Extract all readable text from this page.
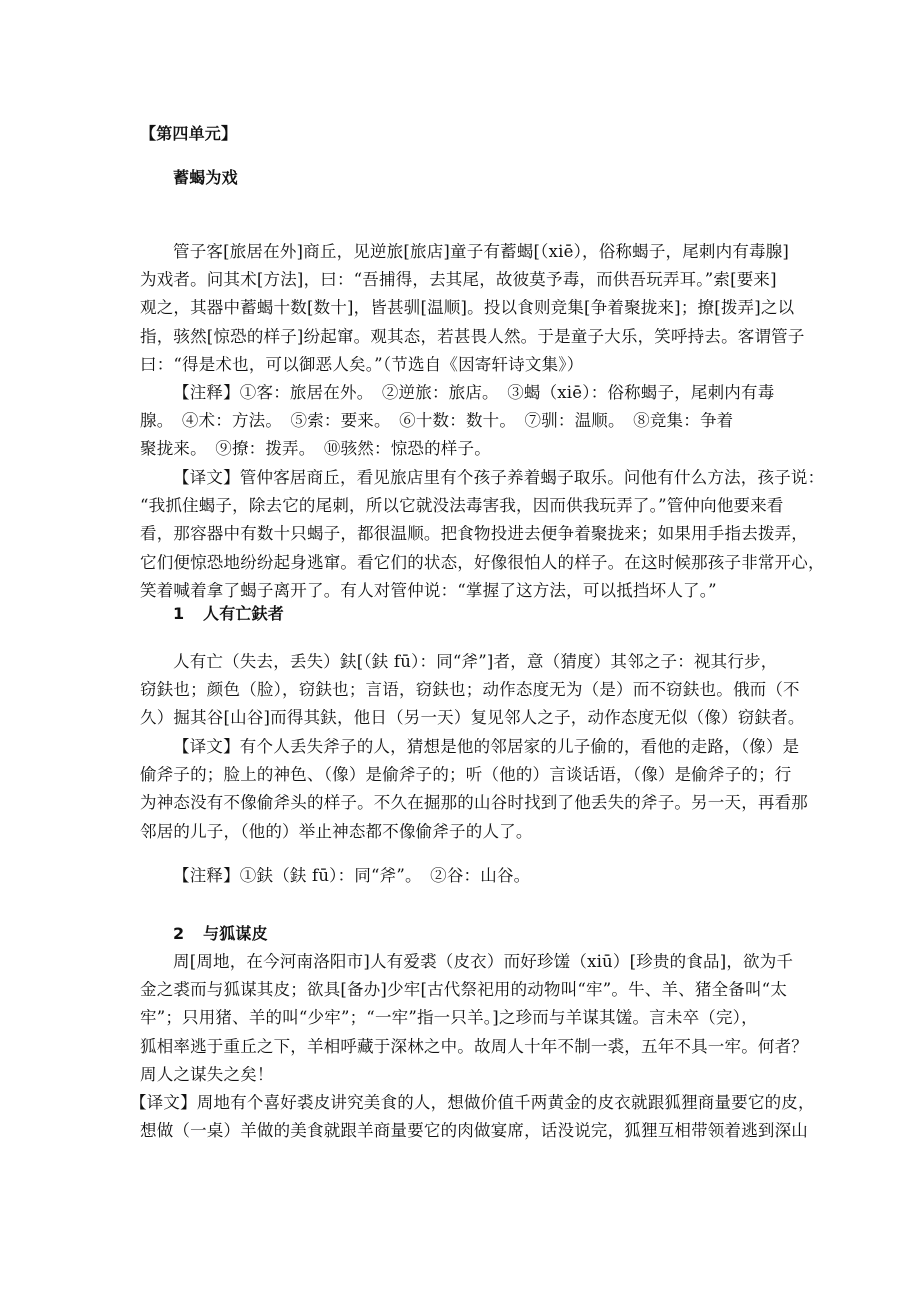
【第四单元】
蓄蝎为戏
管子客[旅居在外]商丘，见逆旅[旅店]童子有蓄蝎[（xiē），俗称蝎子，尾刺内有毒腺]
为戏者。问其术[方法]，曰：“吾捕得，去其尾，故彼莫予毒，而供吾玩弄耳。”索[要来]
观之，其器中蓄蝎十数[数十]，皆甚驯[温顺]。投以食则竞集[争着聚拢来]；撩[拨弄]之以
指，骇然[惊恐的样子]纷起窜。观其态，若甚畏人然。于是童子大乐，笑呼持去。客谓管子
曰：“得是术也，可以御恶人矣。”（节选自《因寄轩诗文集》）
【注释】①客：旅居在外。　②逆旅：旅店。　③蝎（xiē）：俗称蝎子，尾刺内有毒
腺。　④术：方法。　⑤索：要来。　⑥十数：数十。　⑦驯：温顺。　⑧竞集：争着
聚拢来。　⑨撩：拨弄。　⑩骇然：惊恐的样子。
【译文】管仲客居商丘，看见旅店里有个孩子养着蝎子取乐。问他有什么方法，孩子说：
“我抓住蝎子，除去它的尾刺，所以它就没法毒害我，因而供我玩弄了。”管仲向他要来看
看，那容器中有数十只蝎子，都很温顺。把食物投进去便争着聚拢来；如果用手指去拨弄，
它们便惊恐地纷纷起身逃窜。看它们的状态，好像很怕人的样子。在这时候那孩子非常开心，
笑着喊着拿了蝎子离开了。有人对管仲说：“掌握了这方法，可以抵挡坏人了。”
1 人有亡鈇者
人有亡（失去，丢失）鈇[（鈇 fū）：同“斧”]者，意（猜度）其邻之子：视其行步，
窃鈇也；颜色（脸），窃鈇也；言语，窃鈇也；动作态度无为（是）而不窃鈇也。俄而（不
久）掘其谷[山谷]而得其鈇，他日（另一天）复见邻人之子，动作态度无似（像）窃鈇者。
【译文】有个人丢失斧子的人，猜想是他的邻居家的儿子偷的，看他的走路，（像）是
偷斧子的；脸上的神色、（像）是偷斧子的；听（他的）言谈话语，（像）是偷斧子的；行
为神态没有不像偷斧头的样子。不久在掘那的山谷时找到了他丢失的斧子。另一天，再看那
邻居的儿子，（他的）举止神态都不像偷斧子的人了。
【注释】①鈇（鈇 fū）：同“斧”。　②谷：山谷。
2 与狐谋皮
周[周地，在今河南洛阳市]人有爱裘（皮衣）而好珍馐（xiū）[珍贵的食品]，欲为千
金之裘而与狐谋其皮；欲具[备办]少牢[古代祭祀用的动物叫“牢”。牛、羊、猪全备叫“太
牢”；只用猪、羊的叫“少牢”；“一牢”指一只羊。]之珍而与羊谋其馐。言未卒（完），
狐相率逃于重丘之下，羊相呼藏于深林之中。故周人十年不制一裘，五年不具一牢。何者？
周人之谋失之矣！
【译文】周地有个喜好裘皮讲究美食的人，想做价值千两黄金的皮衣就跟狐狸商量要它的皮，
想做（一桌）羊做的美食就跟羊商量要它的肉做宴席，话没说完，狐狸互相带领着逃到深山
